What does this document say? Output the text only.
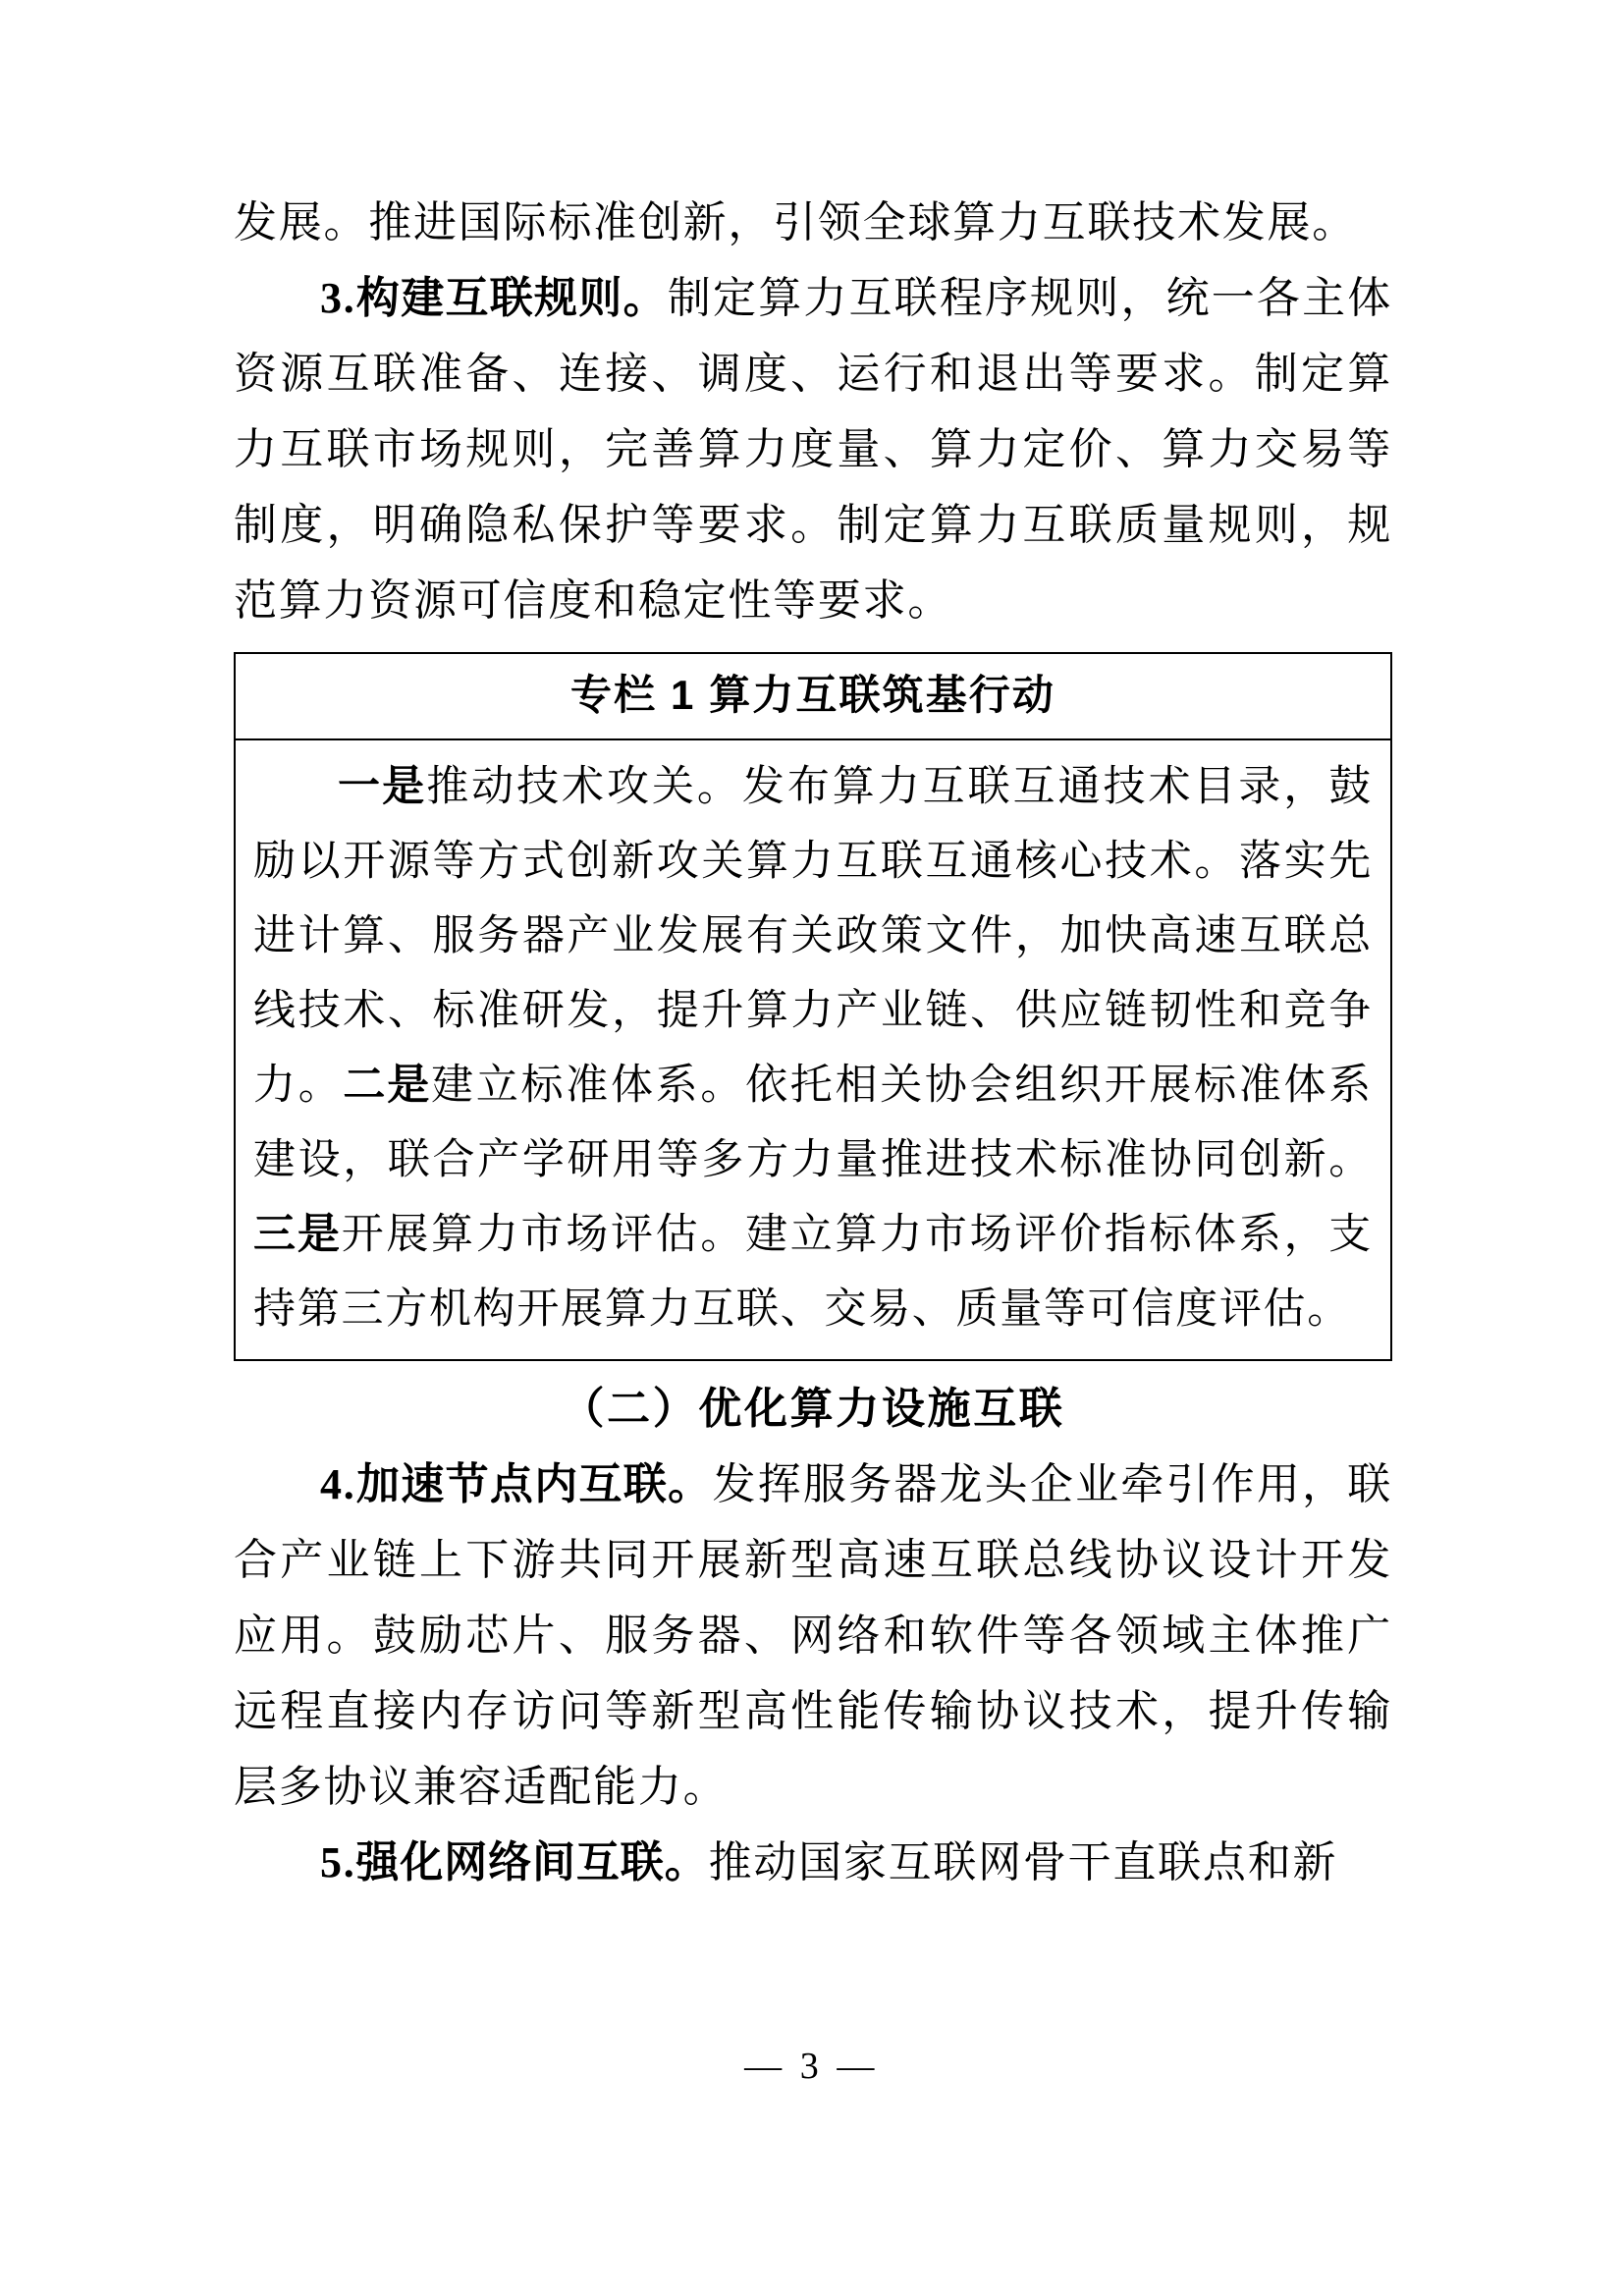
发展。推进国际标准创新，引领全球算力互联技术发展。

3.构建互联规则。制定算力互联程序规则，统一各主体资源互联准备、连接、调度、运行和退出等要求。制定算力互联市场规则，完善算力度量、算力定价、算力交易等制度，明确隐私保护等要求。制定算力互联质量规则，规范算力资源可信度和稳定性等要求。

专栏 1 算力互联筑基行动

一是推动技术攻关。发布算力互联互通技术目录，鼓励以开源等方式创新攻关算力互联互通核心技术。落实先进计算、服务器产业发展有关政策文件，加快高速互联总线技术、标准研发，提升算力产业链、供应链韧性和竞争力。二是建立标准体系。依托相关协会组织开展标准体系建设，联合产学研用等多方力量推进技术标准协同创新。三是开展算力市场评估。建立算力市场评价指标体系，支持第三方机构开展算力互联、交易、质量等可信度评估。

（二）优化算力设施互联

4.加速节点内互联。发挥服务器龙头企业牵引作用，联合产业链上下游共同开展新型高速互联总线协议设计开发应用。鼓励芯片、服务器、网络和软件等各领域主体推广远程直接内存访问等新型高性能传输协议技术，提升传输层多协议兼容适配能力。

5.强化网络间互联。推动国家互联网骨干直联点和新

— 3 —
